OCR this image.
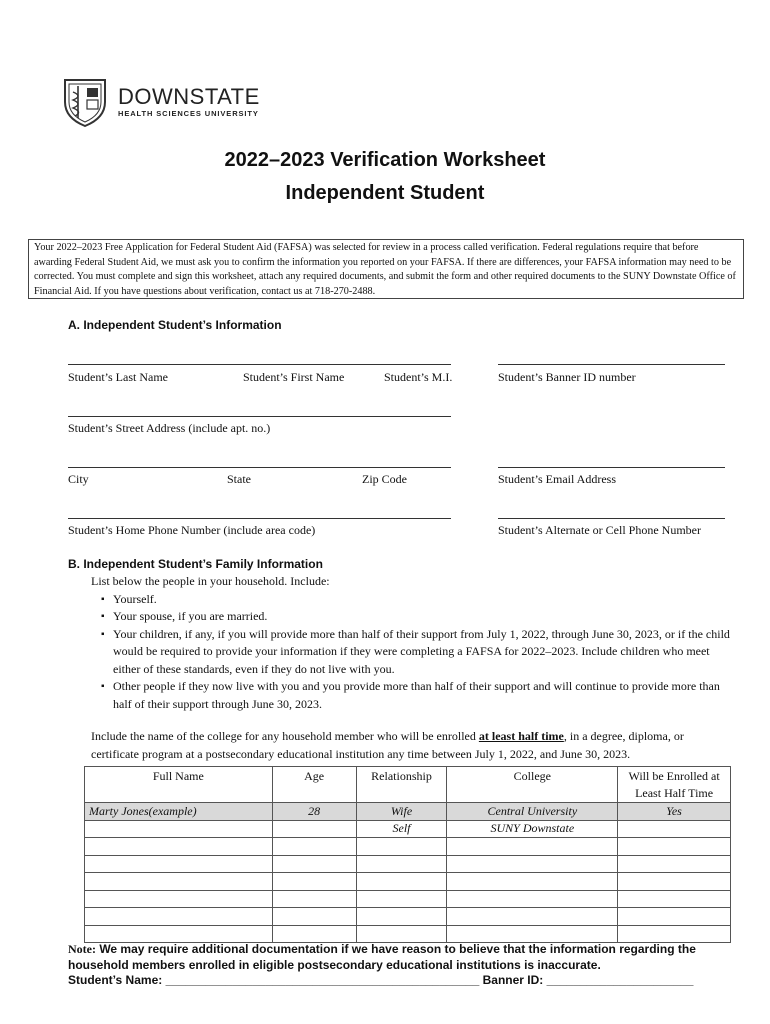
DOWNSTATE
HEALTH SCIENCES UNIVERSITY
2022–2023 Verification Worksheet
Independent Student
Your 2022–2023 Free Application for Federal Student Aid (FAFSA) was selected for review in a process called verification. Federal regulations require that before awarding Federal Student Aid, we must ask you to confirm the information you reported on your FAFSA. If there are differences, your FAFSA information may need to be corrected. You must complete and sign this worksheet, attach any required documents, and submit the form and other required documents to the SUNY Downstate Office of Financial Aid. If you have questions about verification, contact us at 718-270-2488.
A. Independent Student’s Information
Student’s Last Name	Student’s First Name	Student’s M.I.	Student’s Banner ID number
Student’s Street Address (include apt. no.)
City	State	Zip Code	Student’s Email Address
Student’s Home Phone Number (include area code)	Student’s Alternate or Cell Phone Number
B. Independent Student’s Family Information
List below the people in your household. Include:
▪ Yourself.
▪ Your spouse, if you are married.
▪ Your children, if any, if you will provide more than half of their support from July 1, 2022, through June 30, 2023, or if the child would be required to provide your information if they were completing a FAFSA for 2022–2023. Include children who meet either of these standards, even if they do not live with you.
▪ Other people if they now live with you and you provide more than half of their support and will continue to provide more than half of their support through June 30, 2023.
Include the name of the college for any household member who will be enrolled at least half time, in a degree, diploma, or certificate program at a postsecondary educational institution any time between July 1, 2022, and June 30, 2023.
Full Name	Age	Relationship	College	Will be Enrolled at Least Half Time
Marty Jones(example)	28	Wife	Central University	Yes
		Self	SUNY Downstate	

Note: We may require additional documentation if we have reason to believe that the information regarding the household members enrolled in eligible postsecondary educational institutions is inaccurate.
Student’s Name: _______________________________________________ Banner ID: ______________________
